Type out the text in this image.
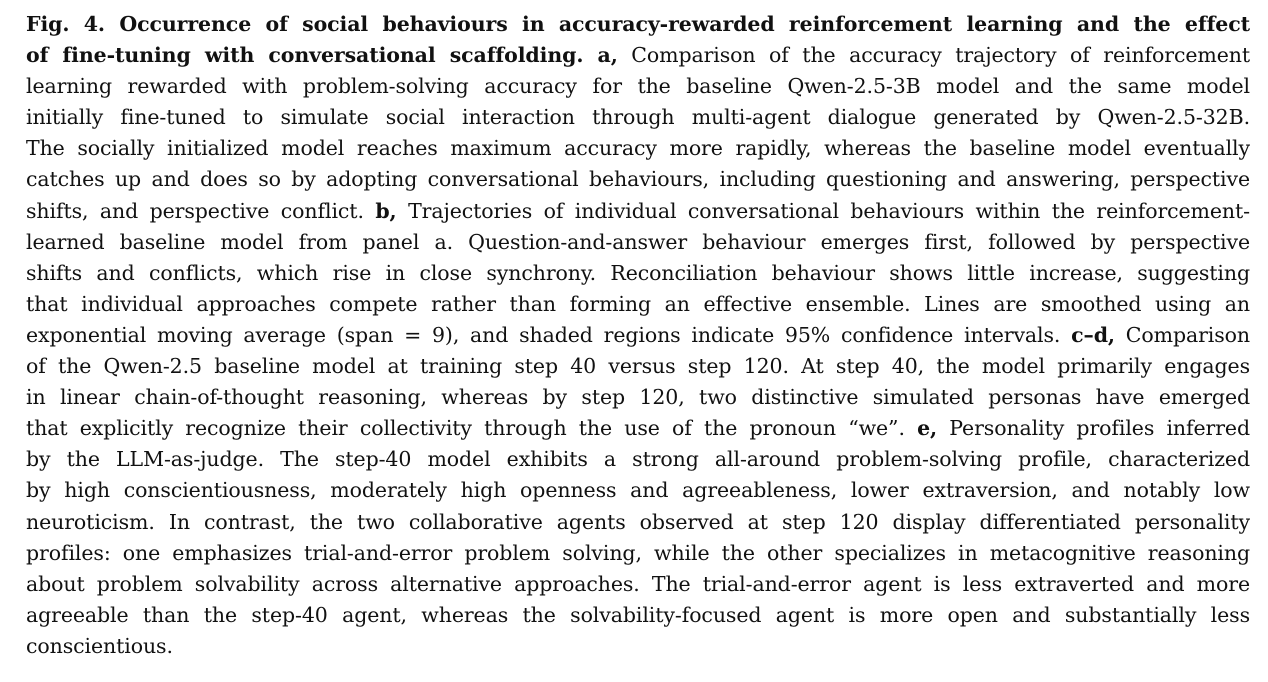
Fig. 4. Occurrence of social behaviours in accuracy-rewarded reinforcement learning and the effect
of fine-tuning with conversational scaffolding. a, Comparison of the accuracy trajectory of reinforcement
learning rewarded with problem-solving accuracy for the baseline Qwen-2.5-3B model and the same model
initially fine-tuned to simulate social interaction through multi-agent dialogue generated by Qwen-2.5-32B.
The socially initialized model reaches maximum accuracy more rapidly, whereas the baseline model eventually
catches up and does so by adopting conversational behaviours, including questioning and answering, perspective
shifts, and perspective conflict. b, Trajectories of individual conversational behaviours within the reinforcement-
learned baseline model from panel a. Question-and-answer behaviour emerges first, followed by perspective
shifts and conflicts, which rise in close synchrony. Reconciliation behaviour shows little increase, suggesting
that individual approaches compete rather than forming an effective ensemble. Lines are smoothed using an
exponential moving average (span = 9), and shaded regions indicate 95% confidence intervals. c–d, Comparison
of the Qwen-2.5 baseline model at training step 40 versus step 120. At step 40, the model primarily engages
in linear chain-of-thought reasoning, whereas by step 120, two distinctive simulated personas have emerged
that explicitly recognize their collectivity through the use of the pronoun “we”. e, Personality profiles inferred
by the LLM-as-judge. The step-40 model exhibits a strong all-around problem-solving profile, characterized
by high conscientiousness, moderately high openness and agreeableness, lower extraversion, and notably low
neuroticism. In contrast, the two collaborative agents observed at step 120 display differentiated personality
profiles: one emphasizes trial-and-error problem solving, while the other specializes in metacognitive reasoning
about problem solvability across alternative approaches. The trial-and-error agent is less extraverted and more
agreeable than the step-40 agent, whereas the solvability-focused agent is more open and substantially less
conscientious.
